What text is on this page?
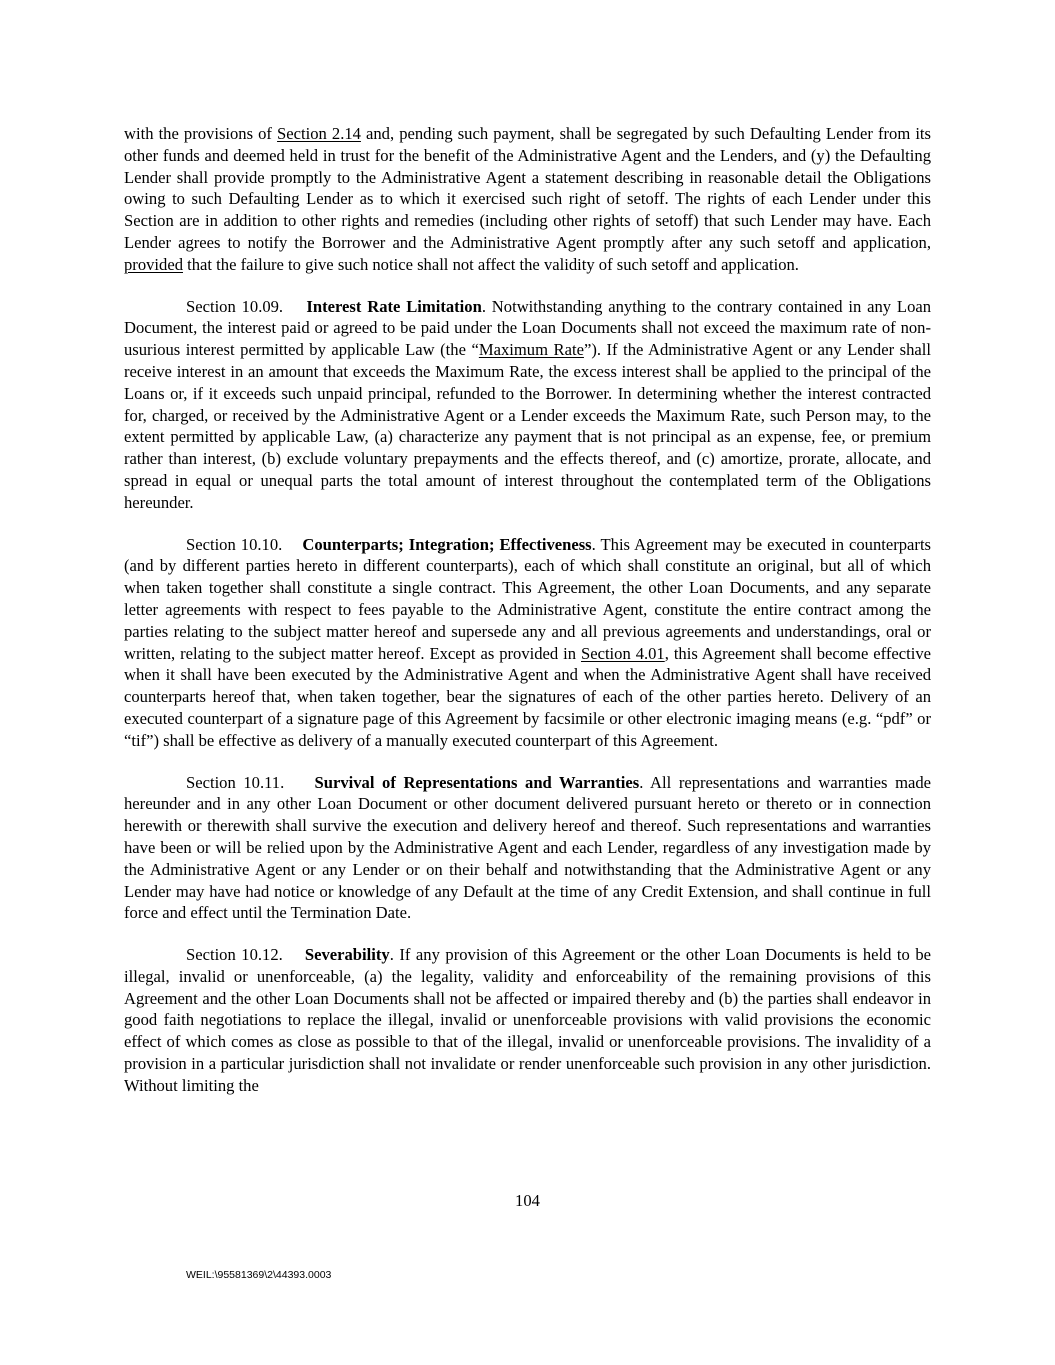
with the provisions of Section 2.14 and, pending such payment, shall be segregated by such Defaulting Lender from its other funds and deemed held in trust for the benefit of the Administrative Agent and the Lenders, and (y) the Defaulting Lender shall provide promptly to the Administrative Agent a statement describing in reasonable detail the Obligations owing to such Defaulting Lender as to which it exercised such right of setoff. The rights of each Lender under this Section are in addition to other rights and remedies (including other rights of setoff) that such Lender may have. Each Lender agrees to notify the Borrower and the Administrative Agent promptly after any such setoff and application, provided that the failure to give such notice shall not affect the validity of such setoff and application.

Section 10.09. Interest Rate Limitation. Notwithstanding anything to the contrary contained in any Loan Document, the interest paid or agreed to be paid under the Loan Documents shall not exceed the maximum rate of non-usurious interest permitted by applicable Law (the “Maximum Rate”). If the Administrative Agent or any Lender shall receive interest in an amount that exceeds the Maximum Rate, the excess interest shall be applied to the principal of the Loans or, if it exceeds such unpaid principal, refunded to the Borrower. In determining whether the interest contracted for, charged, or received by the Administrative Agent or a Lender exceeds the Maximum Rate, such Person may, to the extent permitted by applicable Law, (a) characterize any payment that is not principal as an expense, fee, or premium rather than interest, (b) exclude voluntary prepayments and the effects thereof, and (c) amortize, prorate, allocate, and spread in equal or unequal parts the total amount of interest throughout the contemplated term of the Obligations hereunder.

Section 10.10. Counterparts; Integration; Effectiveness. This Agreement may be executed in counterparts (and by different parties hereto in different counterparts), each of which shall constitute an original, but all of which when taken together shall constitute a single contract. This Agreement, the other Loan Documents, and any separate letter agreements with respect to fees payable to the Administrative Agent, constitute the entire contract among the parties relating to the subject matter hereof and supersede any and all previous agreements and understandings, oral or written, relating to the subject matter hereof. Except as provided in Section 4.01, this Agreement shall become effective when it shall have been executed by the Administrative Agent and when the Administrative Agent shall have received counterparts hereof that, when taken together, bear the signatures of each of the other parties hereto. Delivery of an executed counterpart of a signature page of this Agreement by facsimile or other electronic imaging means (e.g. “pdf” or “tif”) shall be effective as delivery of a manually executed counterpart of this Agreement.

Section 10.11. Survival of Representations and Warranties. All representations and warranties made hereunder and in any other Loan Document or other document delivered pursuant hereto or thereto or in connection herewith or therewith shall survive the execution and delivery hereof and thereof. Such representations and warranties have been or will be relied upon by the Administrative Agent and each Lender, regardless of any investigation made by the Administrative Agent or any Lender or on their behalf and notwithstanding that the Administrative Agent or any Lender may have had notice or knowledge of any Default at the time of any Credit Extension, and shall continue in full force and effect until the Termination Date.

Section 10.12. Severability. If any provision of this Agreement or the other Loan Documents is held to be illegal, invalid or unenforceable, (a) the legality, validity and enforceability of the remaining provisions of this Agreement and the other Loan Documents shall not be affected or impaired thereby and (b) the parties shall endeavor in good faith negotiations to replace the illegal, invalid or unenforceable provisions with valid provisions the economic effect of which comes as close as possible to that of the illegal, invalid or unenforceable provisions. The invalidity of a provision in a particular jurisdiction shall not invalidate or render unenforceable such provision in any other jurisdiction. Without limiting the

104
WEIL:\95581369\2\44393.0003
